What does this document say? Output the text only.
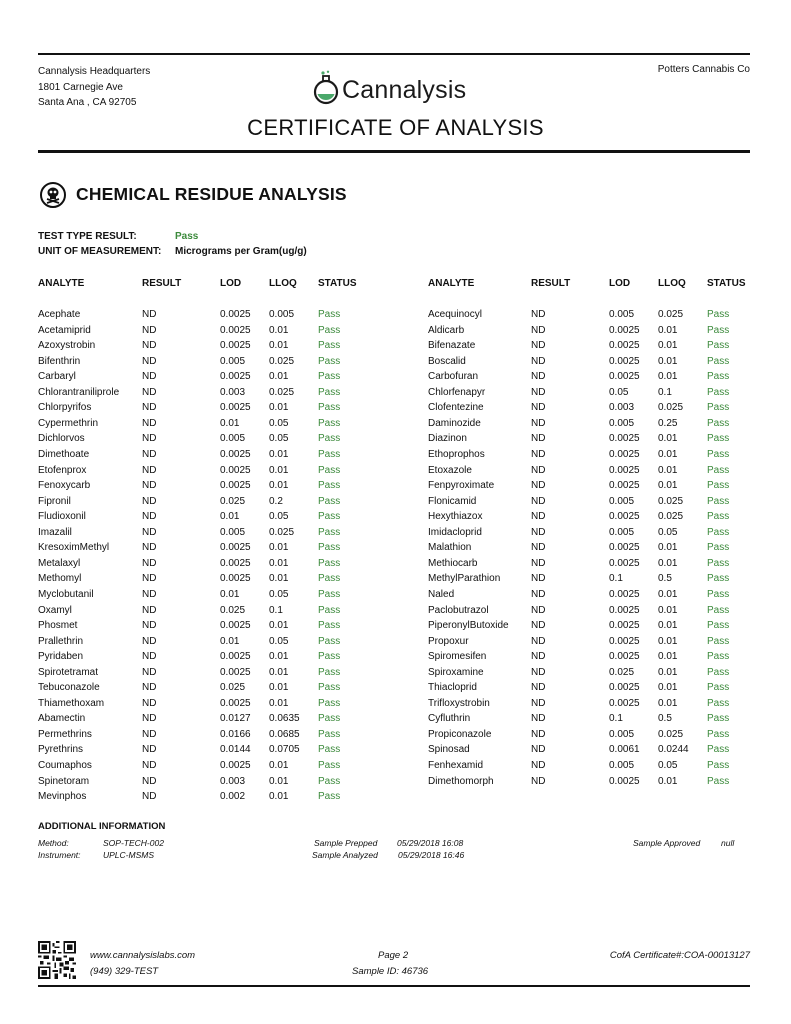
Cannalysis Headquarters
1801 Carnegie Ave
Santa Ana , CA 92705
Potters Cannabis Co
Cannalysis
CERTIFICATE OF ANALYSIS
CHEMICAL RESIDUE ANALYSIS
TEST TYPE RESULT:	Pass
UNIT OF MEASUREMENT: Micrograms per Gram(ug/g)
ANALYTE	RESULT	LOD	LLOQ STATUS	ANALYTE	RESULT	LOD	LLOQ STATUS
Acephate	ND	0.0025 0.005 Pass
Acetamiprid	ND	0.0025 0.01	Pass
Azoxystrobin	ND	0.0025 0.01	Pass
Bifenthrin	ND	0.005 0.025 Pass
Carbaryl	ND	0.0025 0.01	Pass
Chlorantraniliprole ND	0.003 0.025 Pass
Chlorpyrifos	ND	0.0025 0.01	Pass
Cypermethrin	ND	0.01	0.05	Pass
Dichlorvos	ND	0.005 0.05	Pass
Dimethoate	ND	0.0025 0.01	Pass
Etofenprox	ND	0.0025 0.01	Pass
Fenoxycarb	ND	0.0025 0.01	Pass
Fipronil	ND	0.025 0.2	Pass
Fludioxonil	ND	0.01	0.05	Pass
Imazalil	ND	0.005 0.025 Pass
KresoximMethyl	ND	0.0025 0.01	Pass
Metalaxyl	ND	0.0025 0.01	Pass
Methomyl	ND	0.0025 0.01	Pass
Myclobutanil	ND	0.01	0.05	Pass
Oxamyl	ND	0.025 0.1	Pass
Phosmet	ND	0.0025 0.01	Pass
Prallethrin	ND	0.01	0.05	Pass
Pyridaben	ND	0.0025 0.01	Pass
Spirotetramat	ND	0.0025 0.01	Pass
Tebuconazole	ND	0.025 0.01	Pass
Thiamethoxam	ND	0.0025 0.01	Pass
Abamectin	ND	0.0127 0.0635 Pass
Permethrins	ND	0.0166 0.0685 Pass
Pyrethrins	ND	0.0144 0.0705 Pass
Coumaphos	ND	0.0025 0.01	Pass
Spinetoram	ND	0.003 0.01	Pass
Mevinphos	ND	0.002 0.01	Pass
Acequinocyl	ND	0.005 0.025 Pass
Aldicarb	ND	0.0025 0.01	Pass
Bifenazate	ND	0.0025 0.01	Pass
Boscalid	ND	0.0025 0.01	Pass
Carbofuran	ND	0.0025 0.01	Pass
Chlorfenapyr	ND	0.05	0.1	Pass
Clofentezine	ND	0.003 0.025 Pass
Daminozide	ND	0.005 0.25	Pass
Diazinon	ND	0.0025 0.01	Pass
Ethoprophos	ND	0.0025 0.01	Pass
Etoxazole	ND	0.0025 0.01	Pass
Fenpyroximate	ND	0.0025 0.01	Pass
Flonicamid	ND	0.005 0.025 Pass
Hexythiazox	ND	0.0025 0.025 Pass
Imidacloprid	ND	0.005 0.05	Pass
Malathion	ND	0.0025 0.01	Pass
Methiocarb	ND	0.0025 0.01	Pass
MethylParathion	ND	0.1	0.5	Pass
Naled	ND	0.0025 0.01	Pass
Paclobutrazol	ND	0.0025 0.01	Pass
PiperonylButoxide ND	0.0025 0.01	Pass
Propoxur	ND	0.0025 0.01	Pass
Spiromesifen	ND	0.0025 0.01	Pass
Spiroxamine	ND	0.025 0.01	Pass
Thiacloprid	ND	0.0025 0.01	Pass
Trifloxystrobin	ND	0.0025 0.01	Pass
Cyfluthrin	ND	0.1	0.5	Pass
Propiconazole	ND	0.005 0.025 Pass
Spinosad	ND	0.0061 0.0244 Pass
Fenhexamid	ND	0.005 0.05	Pass
Dimethomorph	ND	0.0025 0.01	Pass
ADDITIONAL INFORMATION
Method:	SOP-TECH-002
Instrument:	UPLC-MSMS
Sample Prepped 05/29/2018 16:08
Sample Analyzed 05/29/2018 16:46
Sample Approved null
www.cannalysislabs.com
(949) 329-TEST
Page 2
Sample ID: 46736
CofA Certificate#:COA-00013127
